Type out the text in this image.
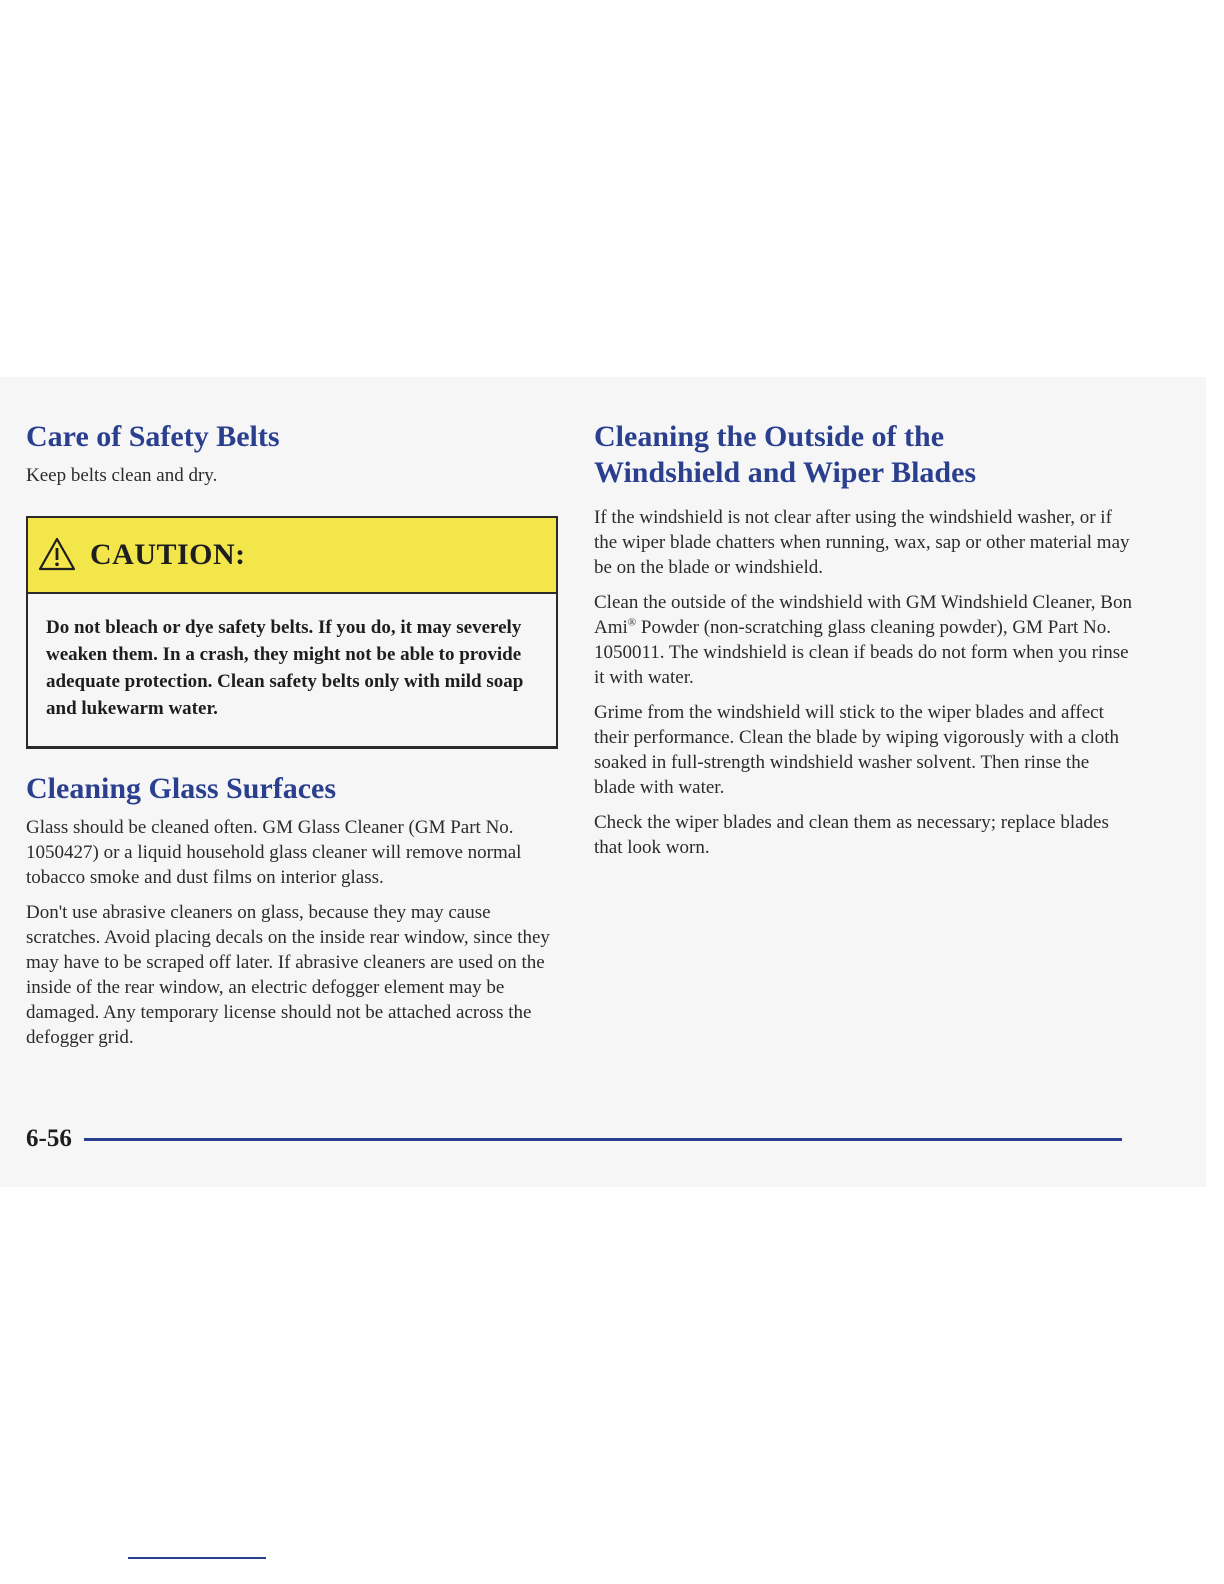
Care of Safety Belts

Keep belts clean and dry.

CAUTION:
Do not bleach or dye safety belts. If you do, it may severely weaken them. In a crash, they might not be able to provide adequate protection. Clean safety belts only with mild soap and lukewarm water.
Cleaning Glass Surfaces

Glass should be cleaned often. GM Glass Cleaner (GM Part No. 1050427) or a liquid household glass cleaner will remove normal tobacco smoke and dust films on interior glass.

Don't use abrasive cleaners on glass, because they may cause scratches. Avoid placing decals on the inside rear window, since they may have to be scraped off later. If abrasive cleaners are used on the inside of the rear window, an electric defogger element may be damaged. Any temporary license should not be attached across the defogger grid.

Cleaning the Outside of the
Windshield and Wiper Blades

If the windshield is not clear after using the windshield washer, or if the wiper blade chatters when running, wax, sap or other material may be on the blade or windshield.

Clean the outside of the windshield with GM Windshield Cleaner, Bon Ami® Powder (non-scratching glass cleaning powder), GM Part No. 1050011. The windshield is clean if beads do not form when you rinse it with water.

Grime from the windshield will stick to the wiper blades and affect their performance. Clean the blade by wiping vigorously with a cloth soaked in full-strength windshield washer solvent. Then rinse the blade with water.

Check the wiper blades and clean them as necessary; replace blades that look worn.

6-56
